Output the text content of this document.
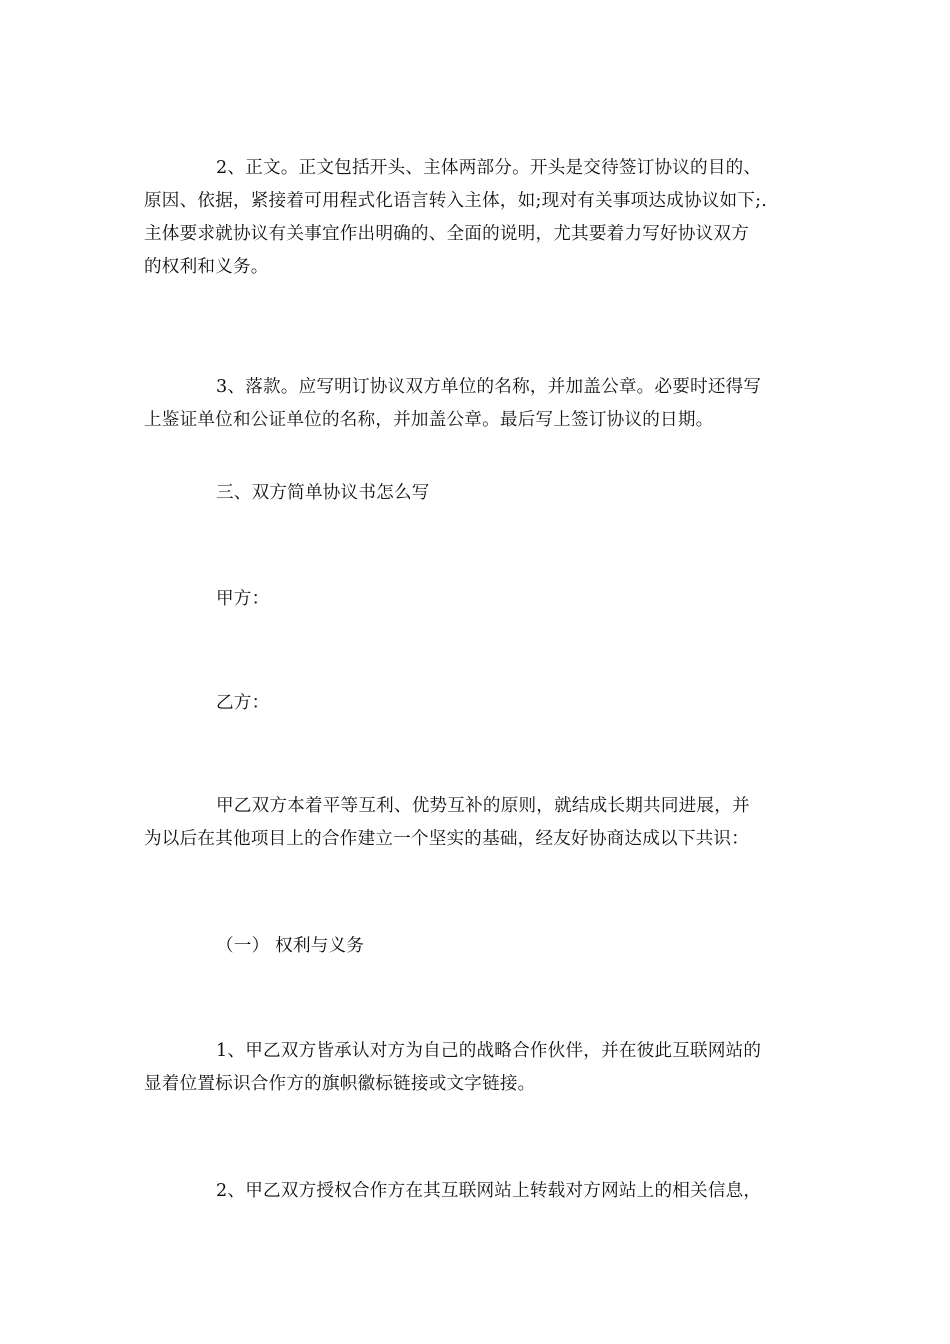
2、正文。正文包括开头、主体两部分。开头是交待签订协议的目的、
原因、依据，紧接着可用程式化语言转入主体，如;现对有关事项达成协议如下;.
主体要求就协议有关事宜作出明确的、全面的说明，尤其要着力写好协议双方
的权利和义务。

3、落款。应写明订协议双方单位的名称，并加盖公章。必要时还得写
上鉴证单位和公证单位的名称，并加盖公章。最后写上签订协议的日期。

三、双方简单协议书怎么写

甲方：

乙方：

甲乙双方本着平等互利、优势互补的原则，就结成长期共同进展，并
为以后在其他项目上的合作建立一个坚实的基础，经友好协商达成以下共识：

（一） 权利与义务

1、甲乙双方皆承认对方为自己的战略合作伙伴，并在彼此互联网站的
显着位置标识合作方的旗帜徽标链接或文字链接。

2、甲乙双方授权合作方在其互联网站上转载对方网站上的相关信息，
